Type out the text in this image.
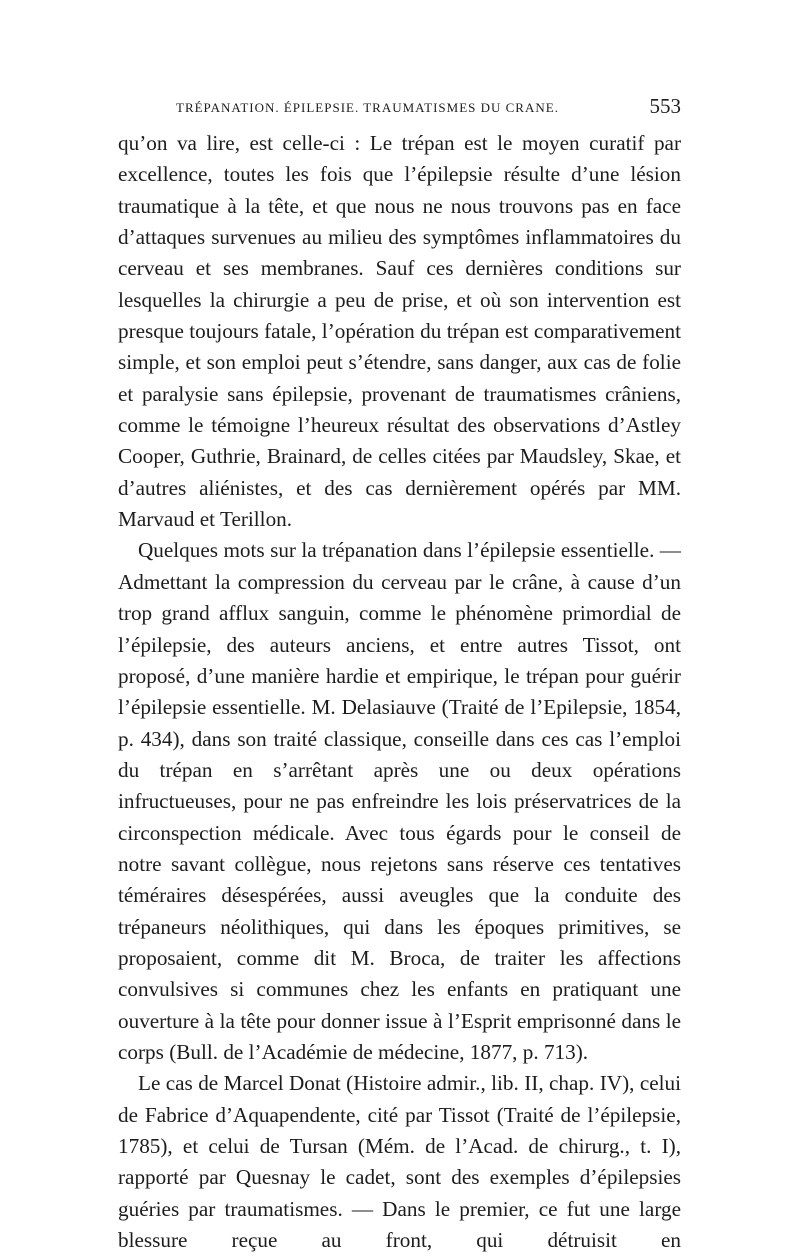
TRÉPANATION. ÉPILEPSIE. TRAUMATISMES DU CRANE.	553

qu’on va lire, est celle-ci : Le trépan est le moyen curatif par excellence, toutes les fois que l’épilepsie résulte d’une lésion traumatique à la tête, et que nous ne nous trouvons pas en face d’attaques survenues au milieu des symptômes inflammatoires du cerveau et ses membranes. Sauf ces dernières conditions sur lesquelles la chirurgie a peu de prise, et où son intervention est presque toujours fatale, l’opération du trépan est comparativement simple, et son emploi peut s’étendre, sans danger, aux cas de folie et paralysie sans épilepsie, provenant de traumatismes crâniens, comme le témoigne l’heureux résultat des observations d’Astley Cooper, Guthrie, Brainard, de celles citées par Maudsley, Skae, et d’autres aliénistes, et des cas dernièrement opérés par MM. Marvaud et Terillon.

Quelques mots sur la trépanation dans l’épilepsie essentielle. — Admettant la compression du cerveau par le crâne, à cause d’un trop grand afflux sanguin, comme le phénomène primordial de l’épilepsie, des auteurs anciens, et entre autres Tissot, ont proposé, d’une manière hardie et empirique, le trépan pour guérir l’épilepsie essentielle. M. Delasiauve (Traité de l’Epilepsie, 1854, p. 434), dans son traité classique, conseille dans ces cas l’emploi du trépan en s’arrêtant après une ou deux opérations infructueuses, pour ne pas enfreindre les lois préservatrices de la circonspection médicale. Avec tous égards pour le conseil de notre savant collègue, nous rejetons sans réserve ces tentatives téméraires désespérées, aussi aveugles que la conduite des trépaneurs néolithiques, qui dans les époques primitives, se proposaient, comme dit M. Broca, de traiter les affections convulsives si communes chez les enfants en pratiquant une ouverture à la tête pour donner issue à l’Esprit emprisonné dans le corps (Bull. de l’Académie de médecine, 1877, p. 713).

Le cas de Marcel Donat (Histoire admir., lib. II, chap. IV), celui de Fabrice d’Aquapendente, cité par Tissot (Traité de l’épilepsie, 1785), et celui de Tursan (Mém. de l’Acad. de chirurg., t. I), rapporté par Quesnay le cadet, sont des exemples d’épilepsies guéries par traumatismes. — Dans le premier, ce fut une large blessure reçue au front, qui détruisit en
